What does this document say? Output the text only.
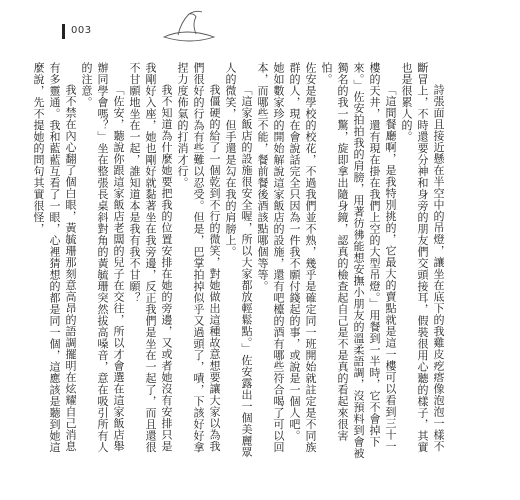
003

詩張面且接近懸在半空中的吊燈，讓坐在底下的我雞皮疙瘩像泡泡一樣不斷冒上，不時還要分神和身旁的朋友們交頭接耳，假裝很用心聽的樣子，其實也是很累人的。

「這間餐廳啊，是我特別挑的，它最大的賣點就是這一樓可以看到三十一樓的天井，還有現在掛在我們上空的大型吊燈。」用餐到一半時，它不會掉下來。」佐安拍拍我的肩膀，用著彷彿能想安撫小朋友的溫柔語調，沒預料到會被獨名的我一驚，旋即拿出隨身鏡，認真的檢查起自己是不是真的看起來很害怕。

佐安是學校的校花，不過我們並不熟，幾乎是確定同一班開始就註定是不同族群的人，現在會說話完全只因為一件我不願付錢起的事，或說是一個人吧。

她如數家珍的開始解說這家飯店的設施，還有吧檯的酒有哪些符合喝了可以回本，而哪些不能，餐前餐後酒該點哪個等等。

「這家飯店的設施很安全喔，所以大家都放輕鬆點。」佐安露出一個美麗眾人的微笑，但手還是勾在我的肩膀上。

我僵硬的給了一個乾到不行的微笑，對她做出這種故意想要讓大家以為我們很好的行為有些難以忍受。但是，巴掌拍掉似乎又過頭了，嘖，下該好好拿捏力度佈氣的打消才行。

我不知道為什麼她要把我的位置安排在她的旁邊，又或者她沒有安排只是我剛好入座，她也剛好就黏著坐在我旁邊，反正我們是坐在一起了，而且還很不甘願地坐在一起，誰知道本是我有我不甘願？

「佐安，聽說你跟這家飯店老闆的兒子在交往，所以才會選在這家飯店舉辦同學會嗎？」坐在整張長桌斜對角的黃毓珊突然拔高嗓音，意在吸引所有人的注意。

我不禁在內心翻了個白眼，黃毓珊那刻意高昂的語調擺明在炫耀自己消息有多靈通。我和藍藍互看了一眼，心裡猜想的都是同一個，這應該是聽到她這麼說，先不提她的問句其實很怪，
